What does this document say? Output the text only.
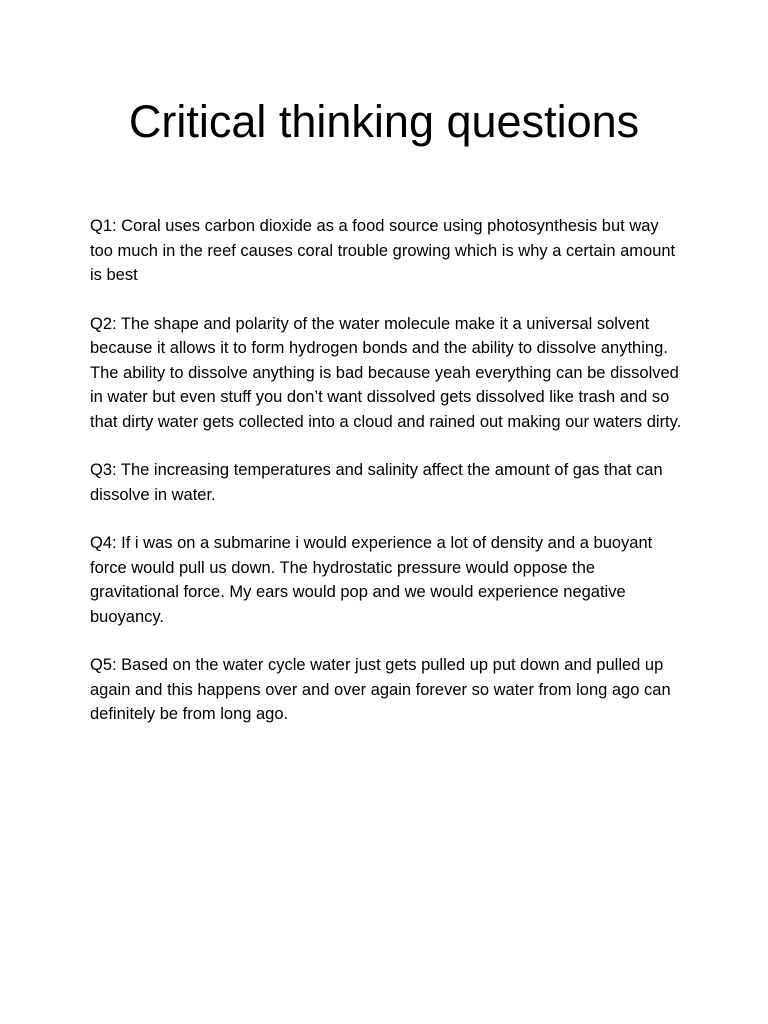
Critical thinking questions

Q1: Coral uses carbon dioxide as a food source using photosynthesis but way too much in the reef causes coral trouble growing which is why a certain amount is best

Q2: The shape and polarity of the water molecule make it a universal solvent because it allows it to form hydrogen bonds and the ability to dissolve anything. The ability to dissolve anything is bad because yeah everything can be dissolved in water but even stuff you don’t want dissolved gets dissolved like trash and so that dirty water gets collected into a cloud and rained out making our waters dirty.

Q3: The increasing temperatures and salinity affect the amount of gas that can dissolve in water.

Q4: If i was on a submarine i would experience a lot of density and a buoyant force would pull us down. The hydrostatic pressure would oppose the gravitational force. My ears would pop and we would experience negative buoyancy.

Q5: Based on the water cycle water just gets pulled up put down and pulled up again and this happens over and over again forever so water from long ago can definitely be from long ago.
